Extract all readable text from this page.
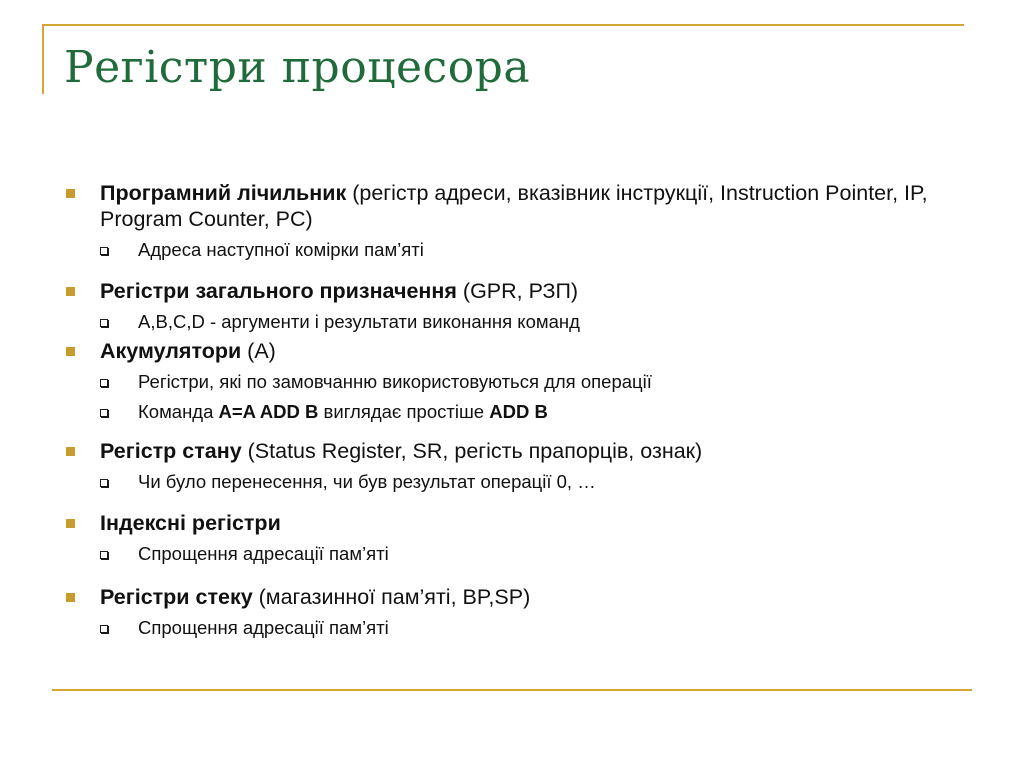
Регістри процесора
Програмний лічильник (регістр адреси, вказівник інструкції, Instruction Pointer, IP, Program Counter, PC)
Адреса наступної комірки пам’яті
Регістри загального призначення (GPR, РЗП)
A,B,C,D - аргументи і результати виконання команд
Акумулятори (A)
Регістри, які по замовчанню використовуються для операції
Команда A=A ADD B виглядає простіше ADD B
Регістр стану (Status Register, SR, регість прапорців, ознак)
Чи було перенесення, чи був результат операції 0, …
Індексні регістри
Спрощення адресації пам’яті
Регістри стеку (магазинної пам’яті, BP,SP)
Спрощення адресації пам’яті
